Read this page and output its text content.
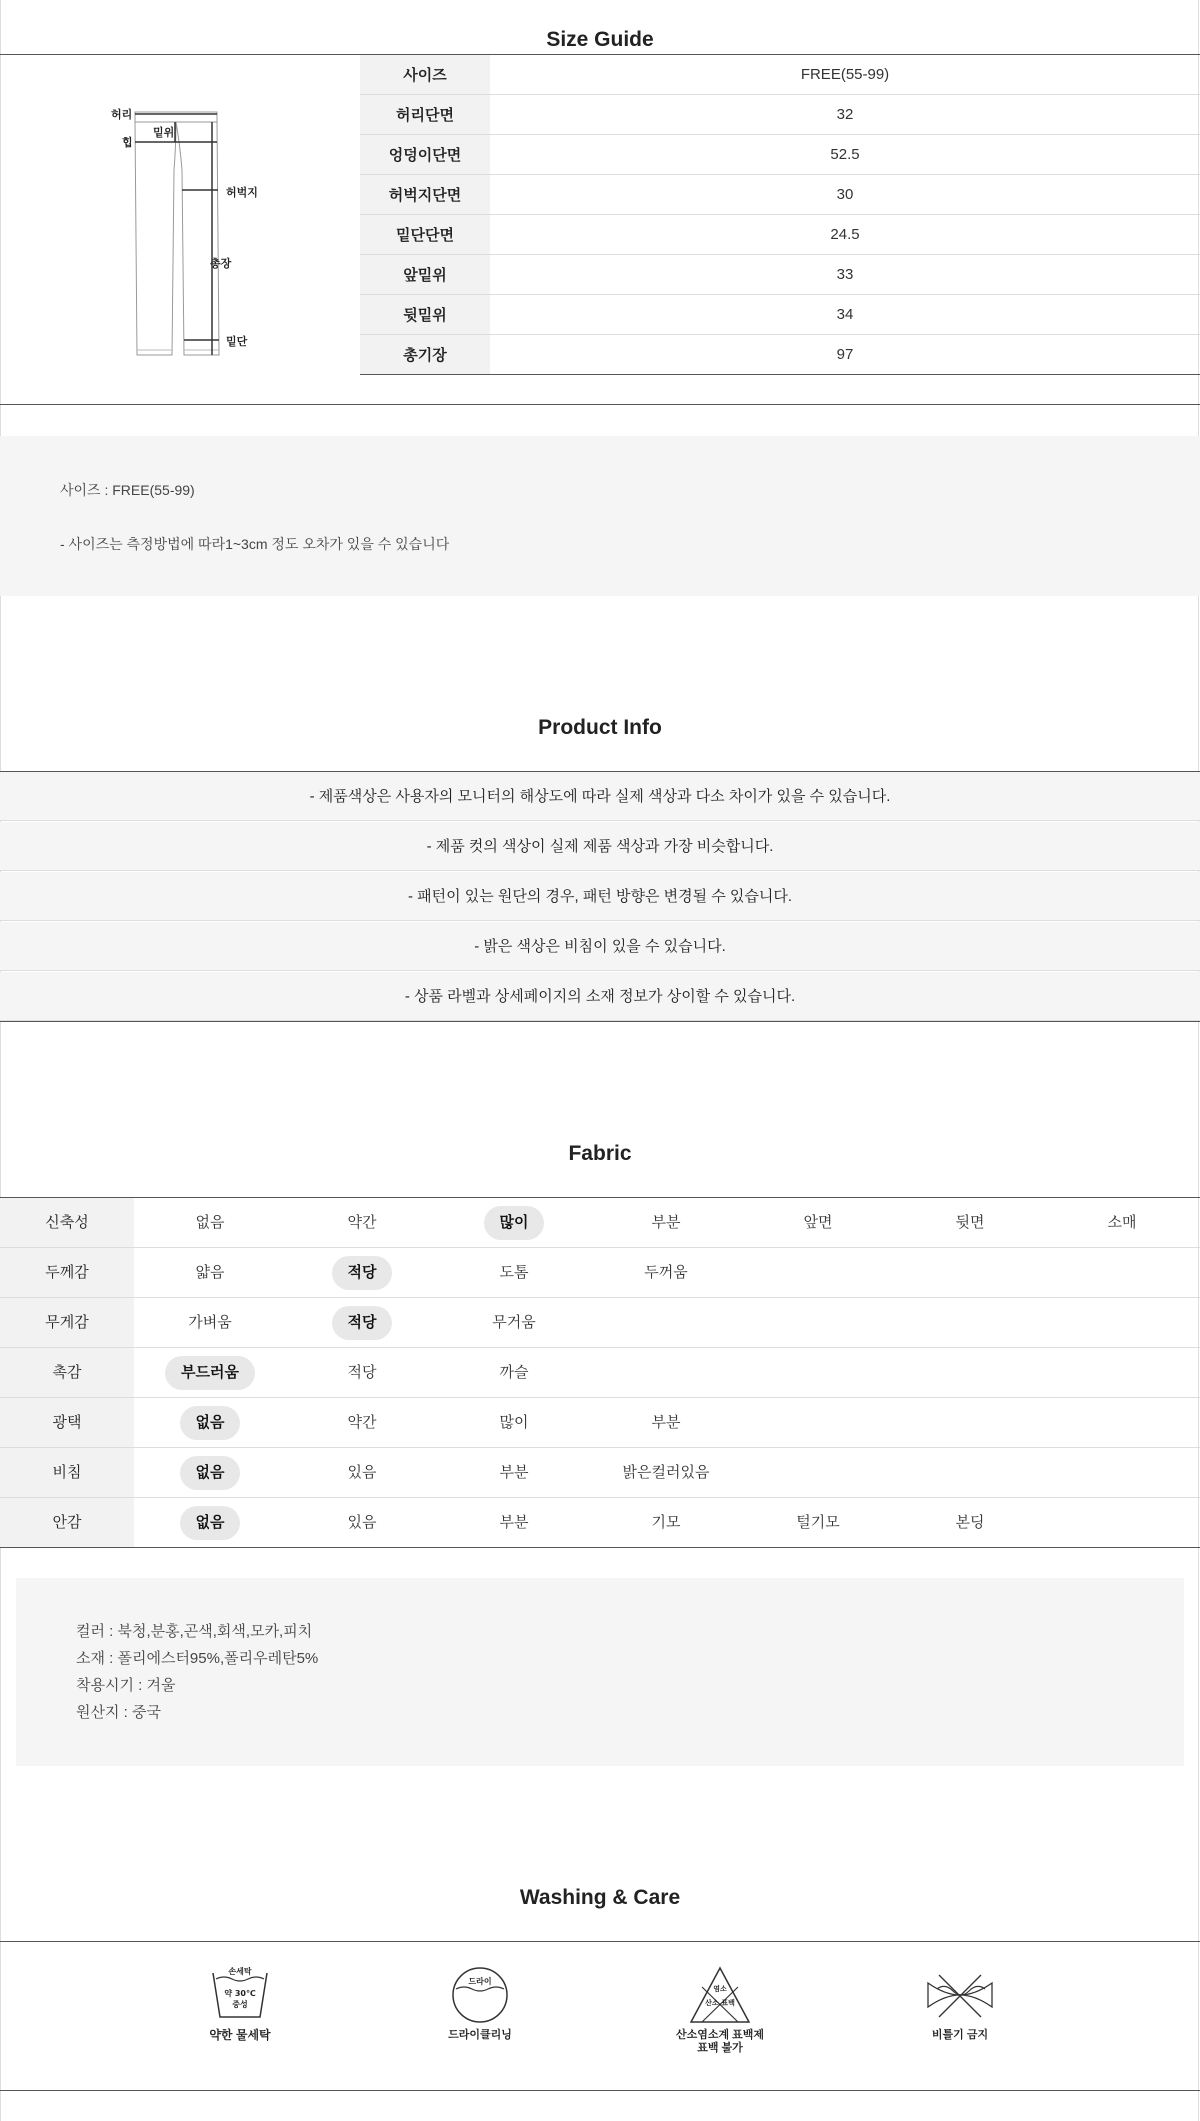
Size Guide
허리
힙
밑위
허벅지
총장
밑단
사이즈	FREE(55-99)
허리단면	32
엉덩이단면	52.5
허벅지단면	30
밑단단면	24.5
앞밑위	33
뒷밑위	34
총기장	97

사이즈 : FREE(55-99)

- 사이즈는 측정방법에 따라1~3cm 정도 오차가 있을 수 있습니다

Product Info
- 제품색상은 사용자의 모니터의 해상도에 따라 실제 색상과 다소 차이가 있을 수 있습니다.
- 제품 컷의 색상이 실제 제품 색상과 가장 비슷합니다.
- 패턴이 있는 원단의 경우, 패턴 방향은 변경될 수 있습니다.
- 밝은 색상은 비침이 있을 수 있습니다.
- 상품 라벨과 상세페이지의 소재 정보가 상이할 수 있습니다.
Fabric
신축성	없음	약간	많이	부분	앞면	뒷면	소매
두께감	얇음	적당	도톰	두꺼움
무게감	가벼움	적당	무거움
촉감	부드러움	적당	까슬
광택	없음	약간	많이	부분
비침	없음	있음	부분	밝은컬러있음
안감	없음	있음	부분	기모	털기모	본딩

컬러 : 북청,분홍,곤색,회색,모카,피치

소재 : 폴리에스터95%,폴리우레탄5%

착용시기 : 겨울

원산지 : 중국

Washing & Care
손세탁
약 30℃
중성
약한 물세탁
드라이
드라이클리닝
염소
산소.표백
산소염소계 표백제
표백 불가
비틀기 금지
